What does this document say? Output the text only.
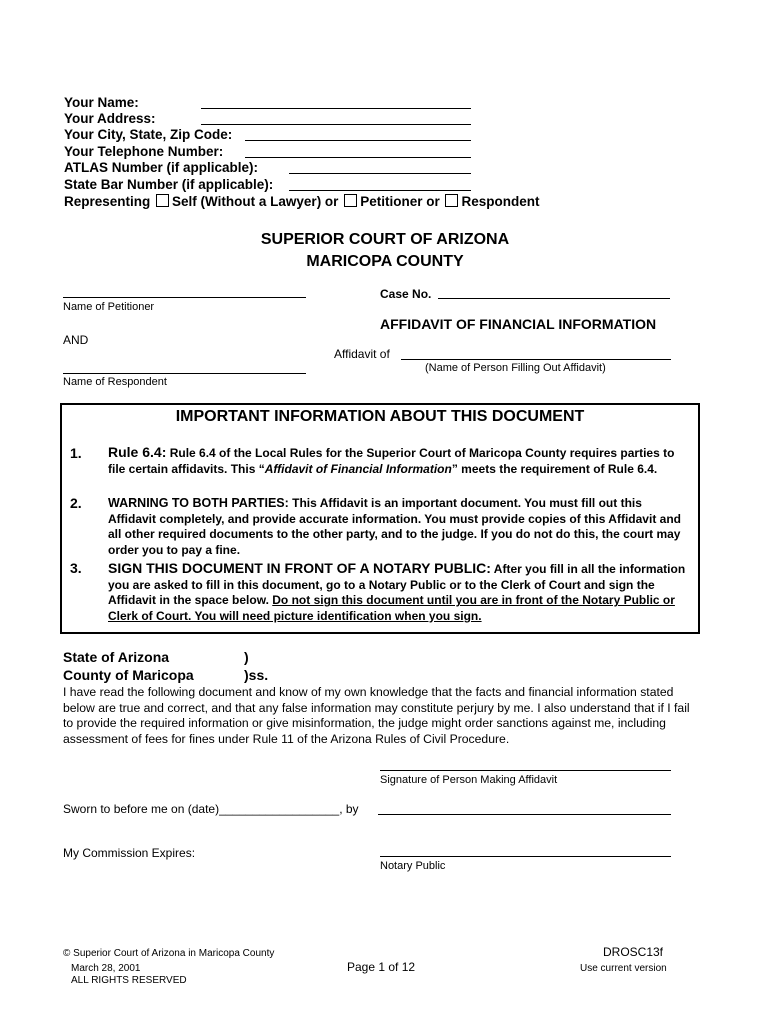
Your Name:
Your Address:
Your City, State, Zip Code:
Your Telephone Number:
ATLAS Number (if applicable):
State Bar Number (if applicable):
Representing Self (Without a Lawyer) or Petitioner or Respondent
SUPERIOR COURT OF ARIZONA
MARICOPA COUNTY
Name of Petitioner
Case No.
AFFIDAVIT OF FINANCIAL INFORMATION
AND
Affidavit of
(Name of Person Filling Out Affidavit)
Name of Respondent
IMPORTANT INFORMATION ABOUT THIS DOCUMENT
1. Rule 6.4: Rule 6.4 of the Local Rules for the Superior Court of Maricopa County requires parties to file certain affidavits. This “Affidavit of Financial Information” meets the requirement of Rule 6.4.
2. WARNING TO BOTH PARTIES: This Affidavit is an important document. You must fill out this Affidavit completely, and provide accurate information. You must provide copies of this Affidavit and all other required documents to the other party, and to the judge. If you do not do this, the court may order you to pay a fine.
3. SIGN THIS DOCUMENT IN FRONT OF A NOTARY PUBLIC: After you fill in all the information you are asked to fill in this document, go to a Notary Public or to the Clerk of Court and sign the Affidavit in the space below. Do not sign this document until you are in front of the Notary Public or Clerk of Court. You will need picture identification when you sign.
State of Arizona	)
County of Maricopa	)ss.
I have read the following document and know of my own knowledge that the facts and financial information stated below are true and correct, and that any false information may constitute perjury by me. I also understand that if I fail to provide the required information or give misinformation, the judge might order sanctions against me, including assessment of fees for fines under Rule 11 of the Arizona Rules of Civil Procedure.
Signature of Person Making Affidavit
Sworn to before me on (date)__________________, by
My Commission Expires:
Notary Public
© Superior Court of Arizona in Maricopa County
March 28, 2001
ALL RIGHTS RESERVED
Page 1 of 12
DROSC13f
Use current version
